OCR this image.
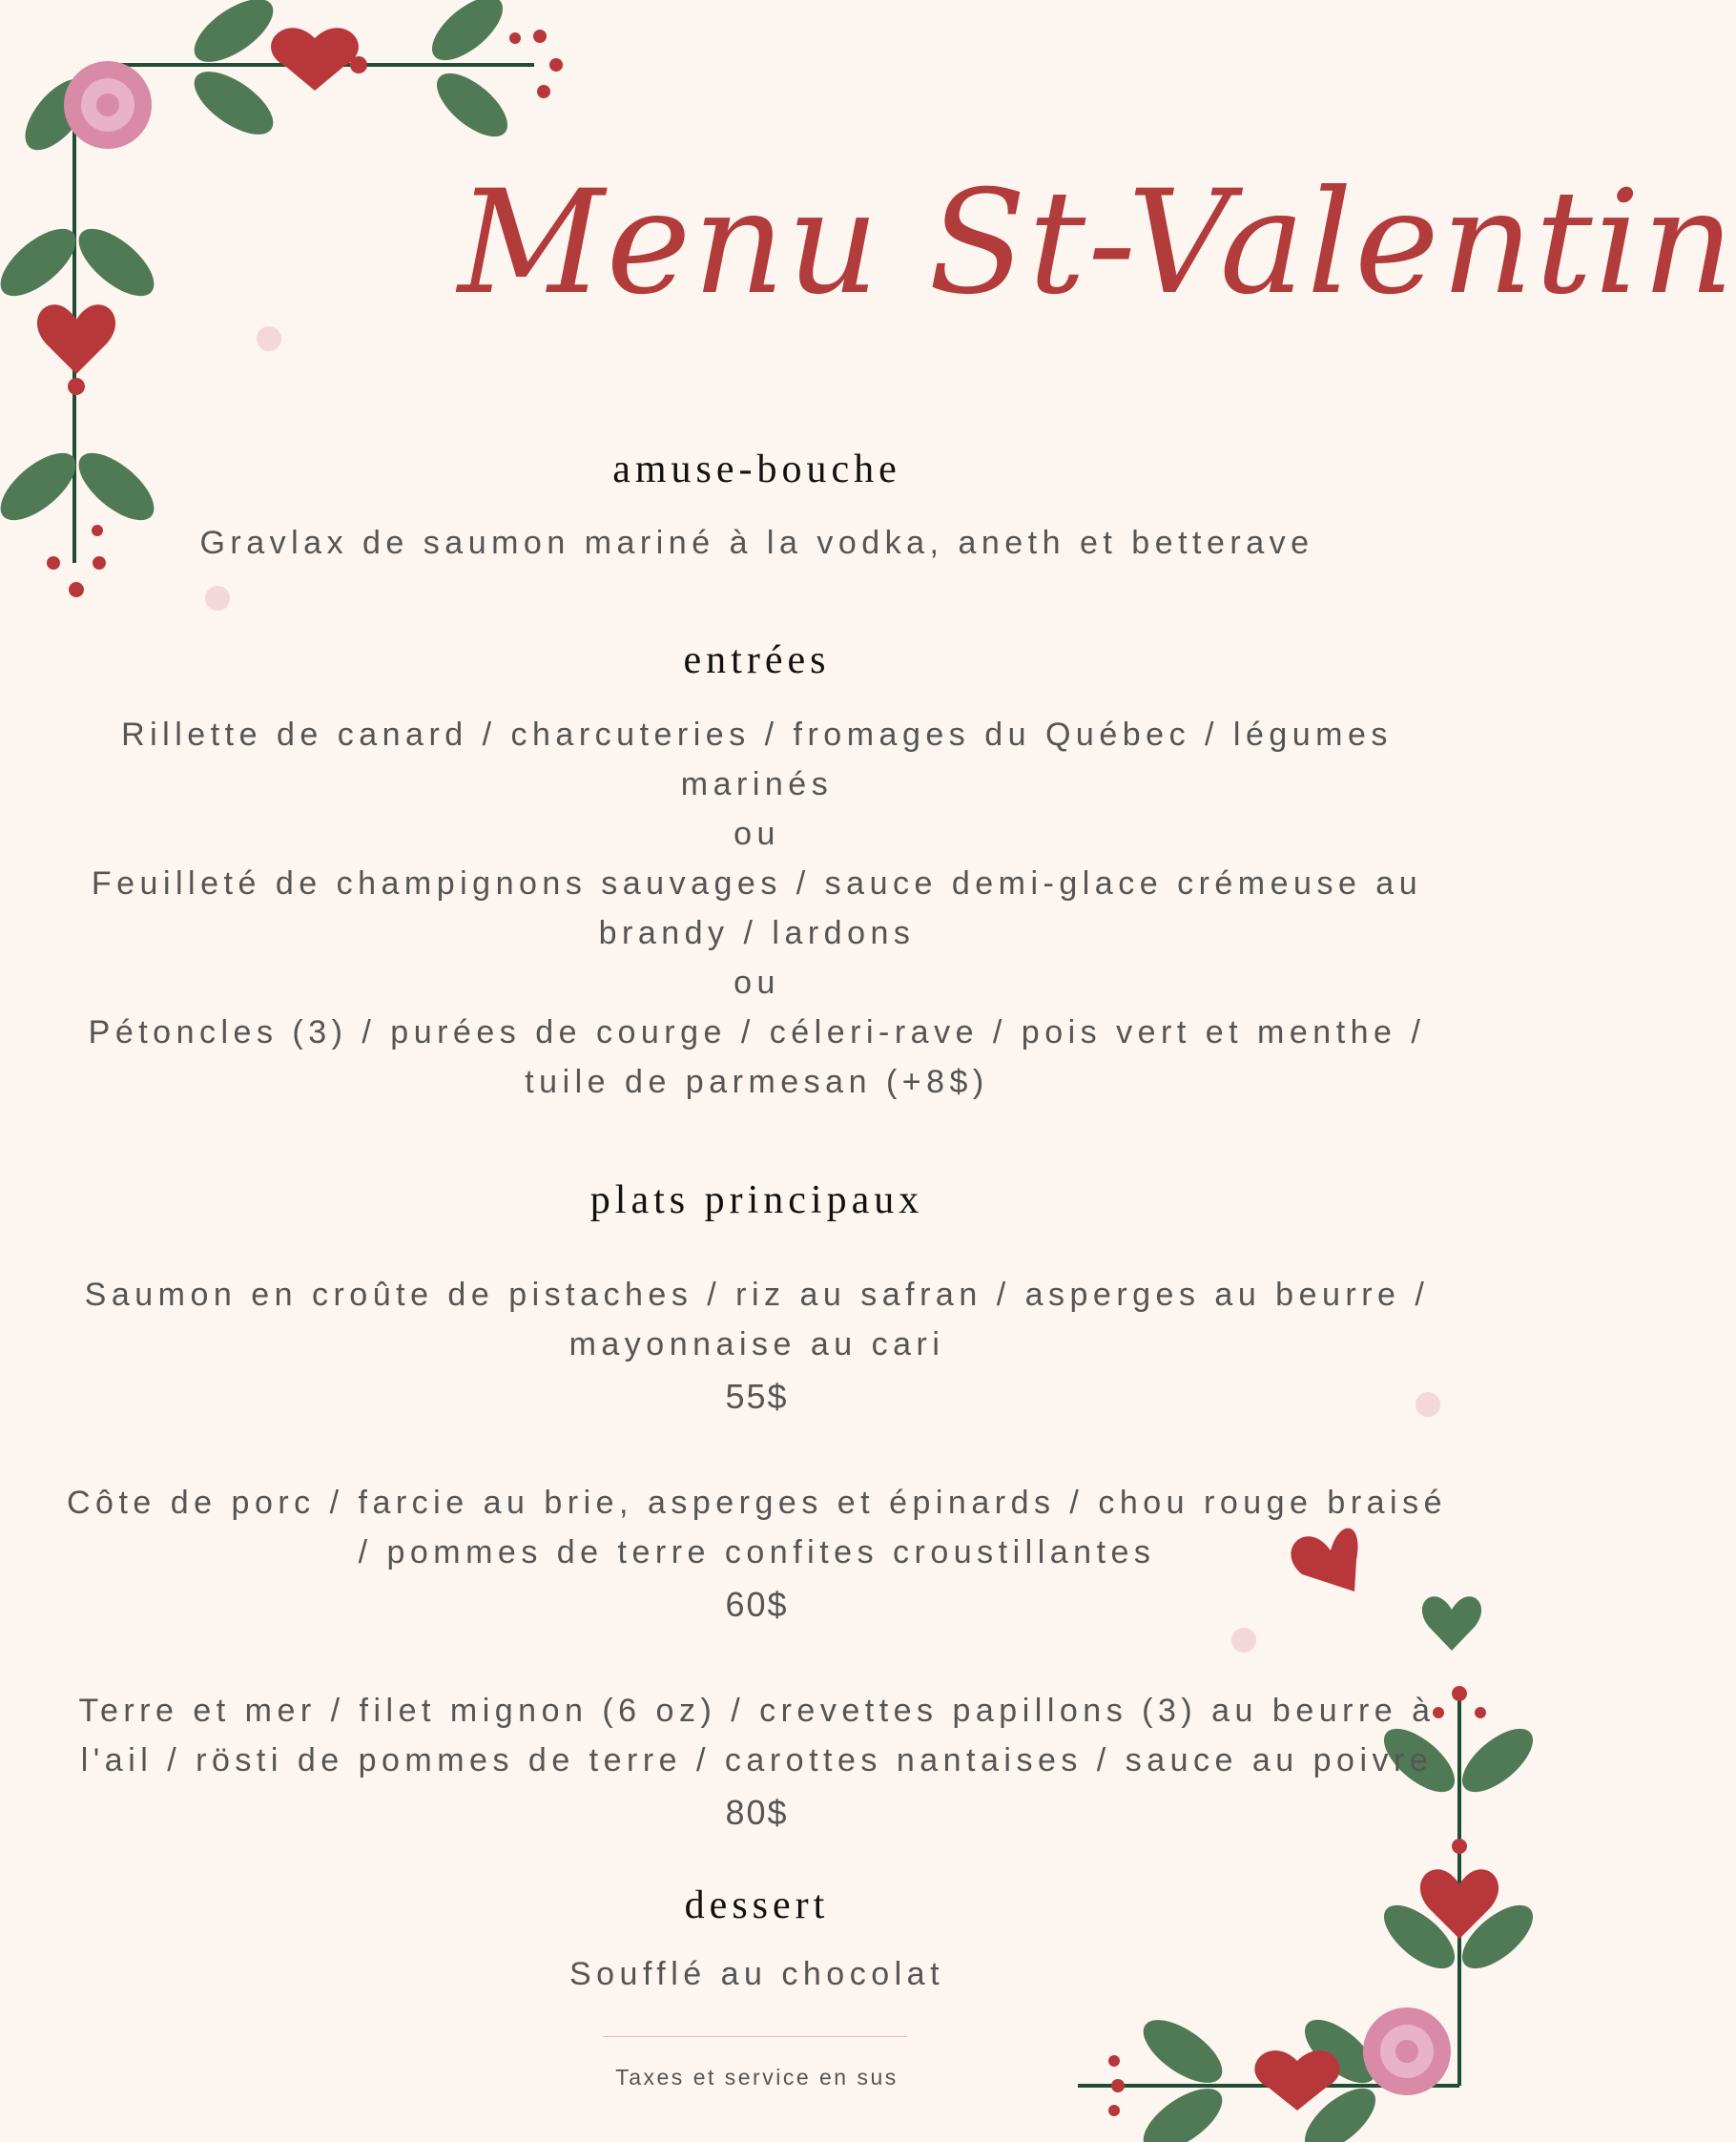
Menu St-Valentin
amuse-bouche
Gravlax de saumon mariné à la vodka, aneth et betterave
entrées
Rillette de canard / charcuteries / fromages du Québec / légumes
marinés
ou
Feuilleté de champignons sauvages / sauce demi-glace crémeuse au
brandy / lardons
ou
Pétoncles (3) / purées de courge / céleri-rave / pois vert et menthe /
tuile de parmesan (+8$)
plats principaux
Saumon en croûte de pistaches / riz au safran / asperges au beurre /
mayonnaise au cari
55$
Côte de porc / farcie au brie, asperges et épinards / chou rouge braisé
/ pommes de terre confites croustillantes
60$
Terre et mer / filet mignon (6 oz) / crevettes papillons (3) au beurre à
l'ail / rösti de pommes de terre / carottes nantaises / sauce au poivre
80$
dessert
Soufflé au chocolat
Taxes et service en sus
